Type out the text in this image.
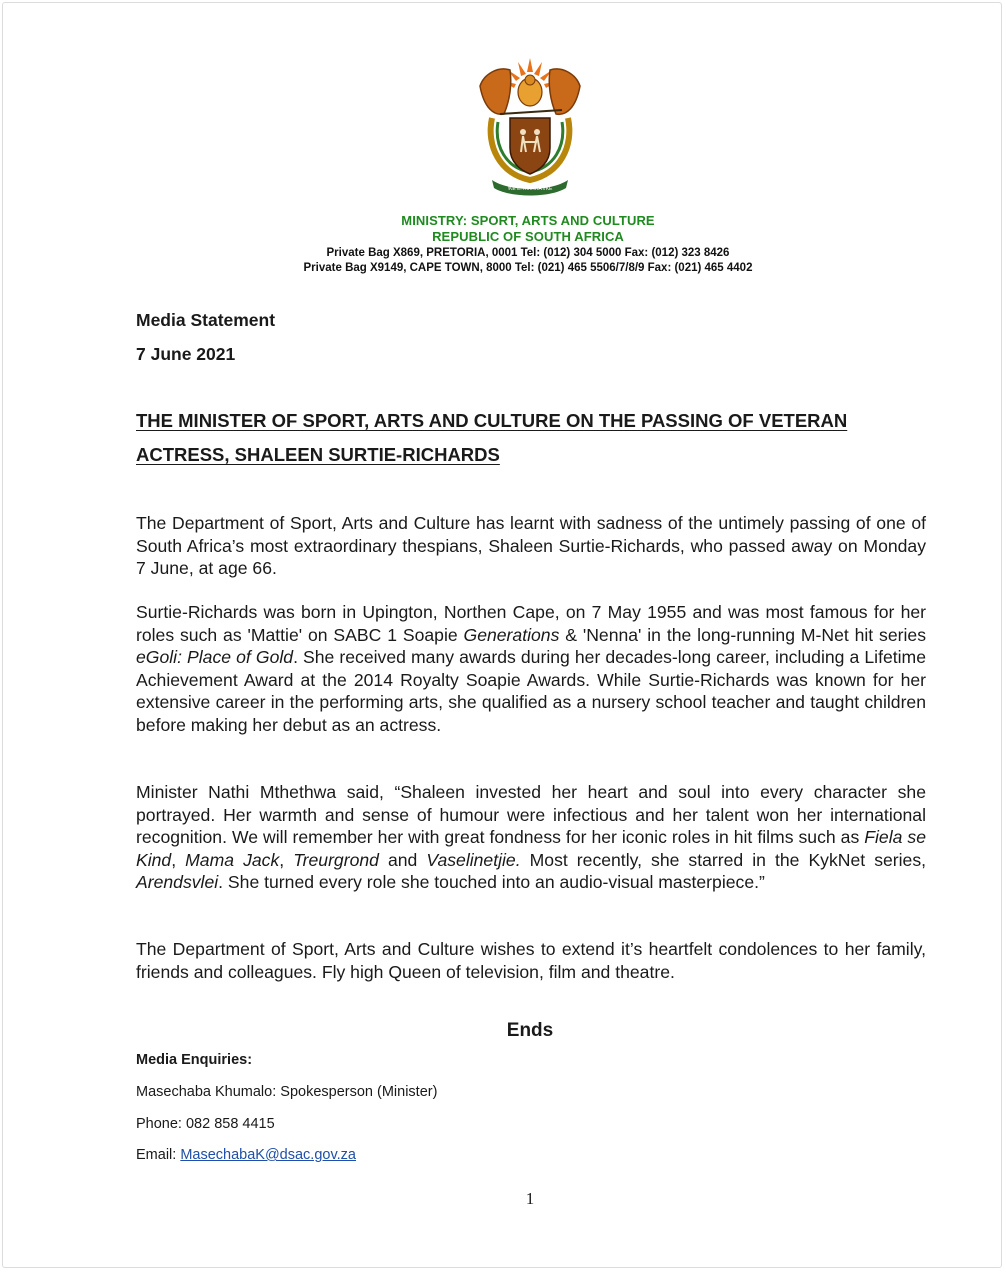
!KE E: /XARRA //KE
MINISTRY: SPORT, ARTS AND CULTURE
REPUBLIC OF SOUTH AFRICA
Private Bag X869, PRETORIA, 0001 Tel: (012) 304 5000 Fax: (012) 323 8426
Private Bag X9149, CAPE TOWN, 8000 Tel: (021) 465 5506/7/8/9 Fax: (021) 465 4402
Media Statement
7 June 2021
THE MINISTER OF SPORT, ARTS AND CULTURE ON THE PASSING OF VETERAN
ACTRESS, SHALEEN SURTIE-RICHARDS

The Department of Sport, Arts and Culture has learnt with sadness of the untimely passing of one of South Africa’s most extraordinary thespians, Shaleen Surtie-Richards, who passed away on Monday 7 June, at age 66.

Surtie-Richards was born in Upington, Northen Cape, on 7 May 1955 and was most famous for her roles such as 'Mattie' on SABC 1 Soapie Generations & 'Nenna' in the long-running M-Net hit series eGoli: Place of Gold. She received many awards during her decades-long career, including a Lifetime Achievement Award at the 2014 Royalty Soapie Awards. While Surtie-Richards was known for her extensive career in the performing arts, she qualified as a nursery school teacher and taught children before making her debut as an actress.

Minister Nathi Mthethwa said, “Shaleen invested her heart and soul into every character she portrayed. Her warmth and sense of humour were infectious and her talent won her international recognition. We will remember her with great fondness for her iconic roles in hit films such as Fiela se Kind, Mama Jack, Treurgrond and Vaselinetjie. Most recently, she starred in the KykNet series, Arendsvlei. She turned every role she touched into an audio-visual masterpiece.”

The Department of Sport, Arts and Culture wishes to extend it’s heartfelt condolences to her family, friends and colleagues. Fly high Queen of television, film and theatre.

Ends
Media Enquiries:
Masechaba Khumalo: Spokesperson (Minister)
Phone: 082 858 4415
Email: MasechabaK@dsac.gov.za
1
